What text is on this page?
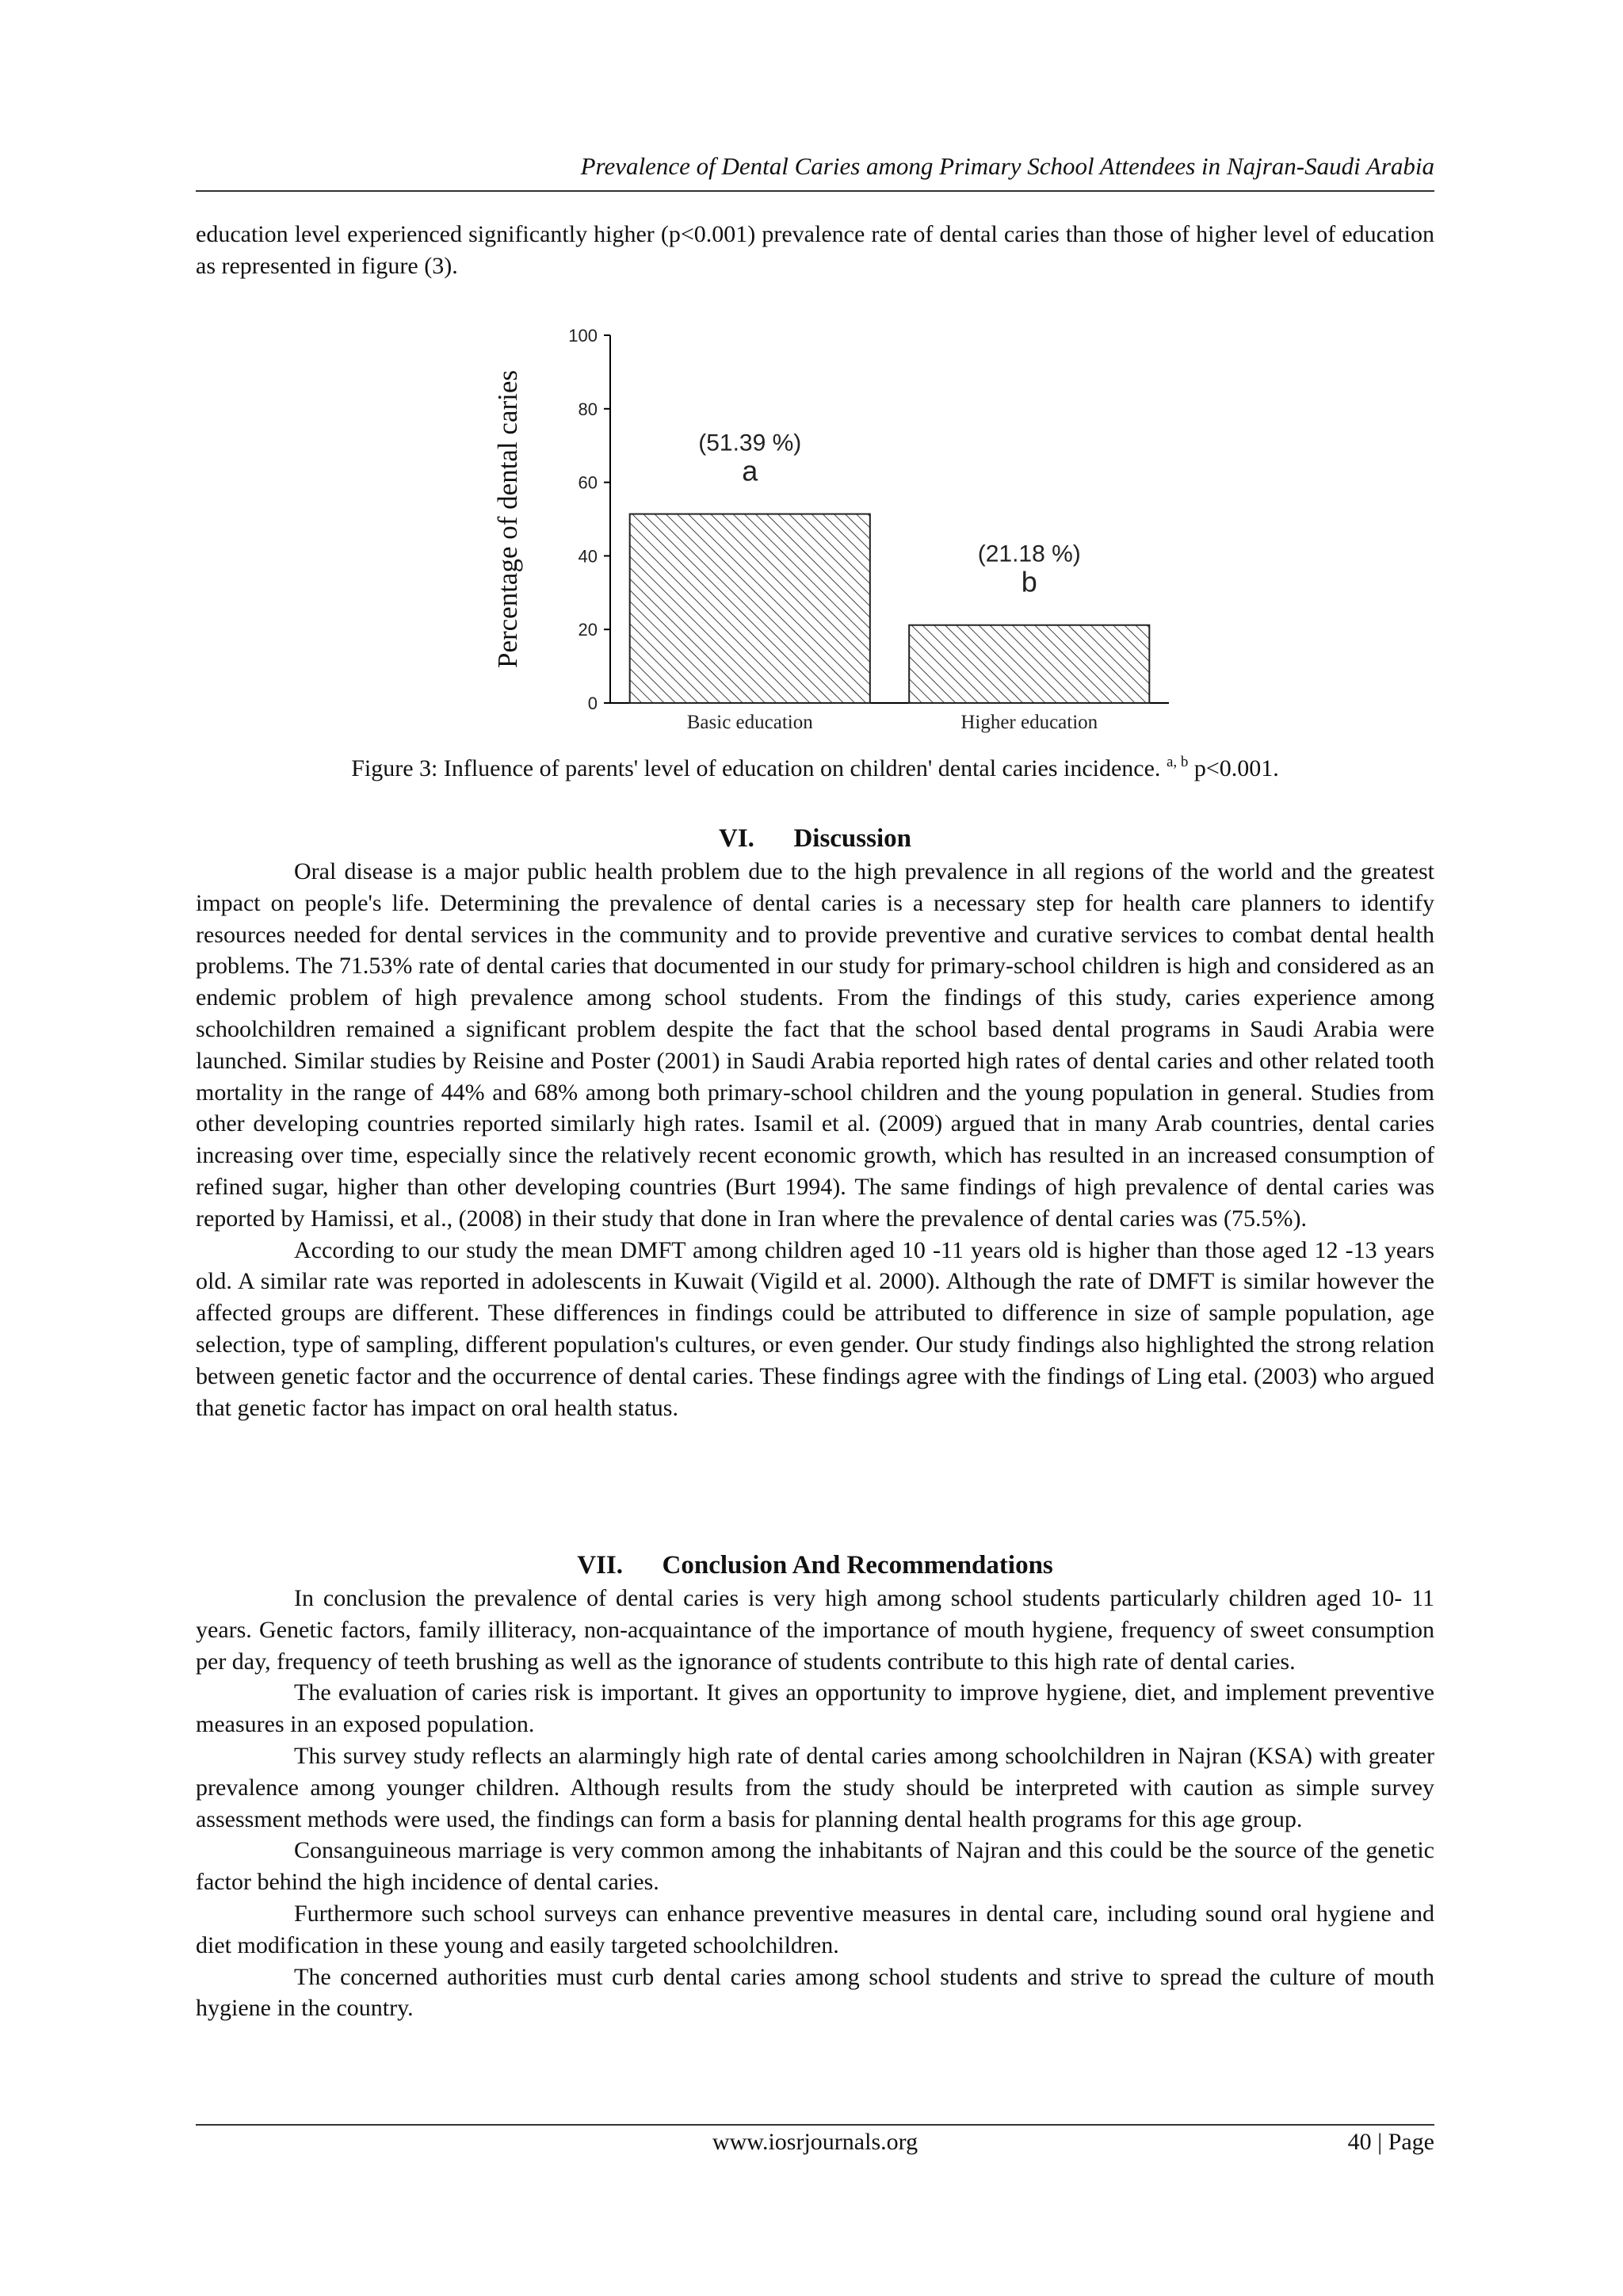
Prevalence of Dental Caries among Primary School Attendees in Najran-Saudi Arabia

education level experienced significantly higher (p<0.001) prevalence rate of dental caries than those of higher level of education as represented in figure (3).

0
20
40
60
80
100
(51.39 %)
a
Basic education
(21.18 %)
b
Higher education
Percentage of dental caries
Figure 3: Influence of parents' level of education on children' dental caries incidence. $^{a, b}$ p<0.001.
VI. Discussion

Oral disease is a major public health problem due to the high prevalence in all regions of the world and the greatest impact on people's life. Determining the prevalence of dental caries is a necessary step for health care planners to identify resources needed for dental services in the community and to provide preventive and curative services to combat dental health problems. The 71.53% rate of dental caries that documented in our study for primary-school children is high and considered as an endemic problem of high prevalence among school students. From the findings of this study, caries experience among schoolchildren remained a significant problem despite the fact that the school based dental programs in Saudi Arabia were launched. Similar studies by Reisine and Poster (2001) in Saudi Arabia reported high rates of dental caries and other related tooth mortality in the range of 44% and 68% among both primary-school children and the young population in general. Studies from other developing countries reported similarly high rates. Isamil et al. (2009) argued that in many Arab countries, dental caries increasing over time, especially since the relatively recent economic growth, which has resulted in an increased consumption of refined sugar, higher than other developing countries (Burt 1994). The same findings of high prevalence of dental caries was reported by Hamissi, et al., (2008) in their study that done in Iran where the prevalence of dental caries was (75.5%).

According to our study the mean DMFT among children aged 10 -11 years old is higher than those aged 12 -13 years old. A similar rate was reported in adolescents in Kuwait (Vigild et al. 2000). Although the rate of DMFT is similar however the affected groups are different. These differences in findings could be attributed to difference in size of sample population, age selection, type of sampling, different population's cultures, or even gender. Our study findings also highlighted the strong relation between genetic factor and the occurrence of dental caries. These findings agree with the findings of Ling etal. (2003) who argued that genetic factor has impact on oral health status.

VII. Conclusion And Recommendations

In conclusion the prevalence of dental caries is very high among school students particularly children aged 10- 11 years. Genetic factors, family illiteracy, non-acquaintance of the importance of mouth hygiene, frequency of sweet consumption per day, frequency of teeth brushing as well as the ignorance of students contribute to this high rate of dental caries.

The evaluation of caries risk is important. It gives an opportunity to improve hygiene, diet, and implement preventive measures in an exposed population.

This survey study reflects an alarmingly high rate of dental caries among schoolchildren in Najran (KSA) with greater prevalence among younger children. Although results from the study should be interpreted with caution as simple survey assessment methods were used, the findings can form a basis for planning dental health programs for this age group.

Consanguineous marriage is very common among the inhabitants of Najran and this could be the source of the genetic factor behind the high incidence of dental caries.

Furthermore such school surveys can enhance preventive measures in dental care, including sound oral hygiene and diet modification in these young and easily targeted schoolchildren.

The concerned authorities must curb dental caries among school students and strive to spread the culture of mouth hygiene in the country.

www.iosrjournals.org	40 | Page
